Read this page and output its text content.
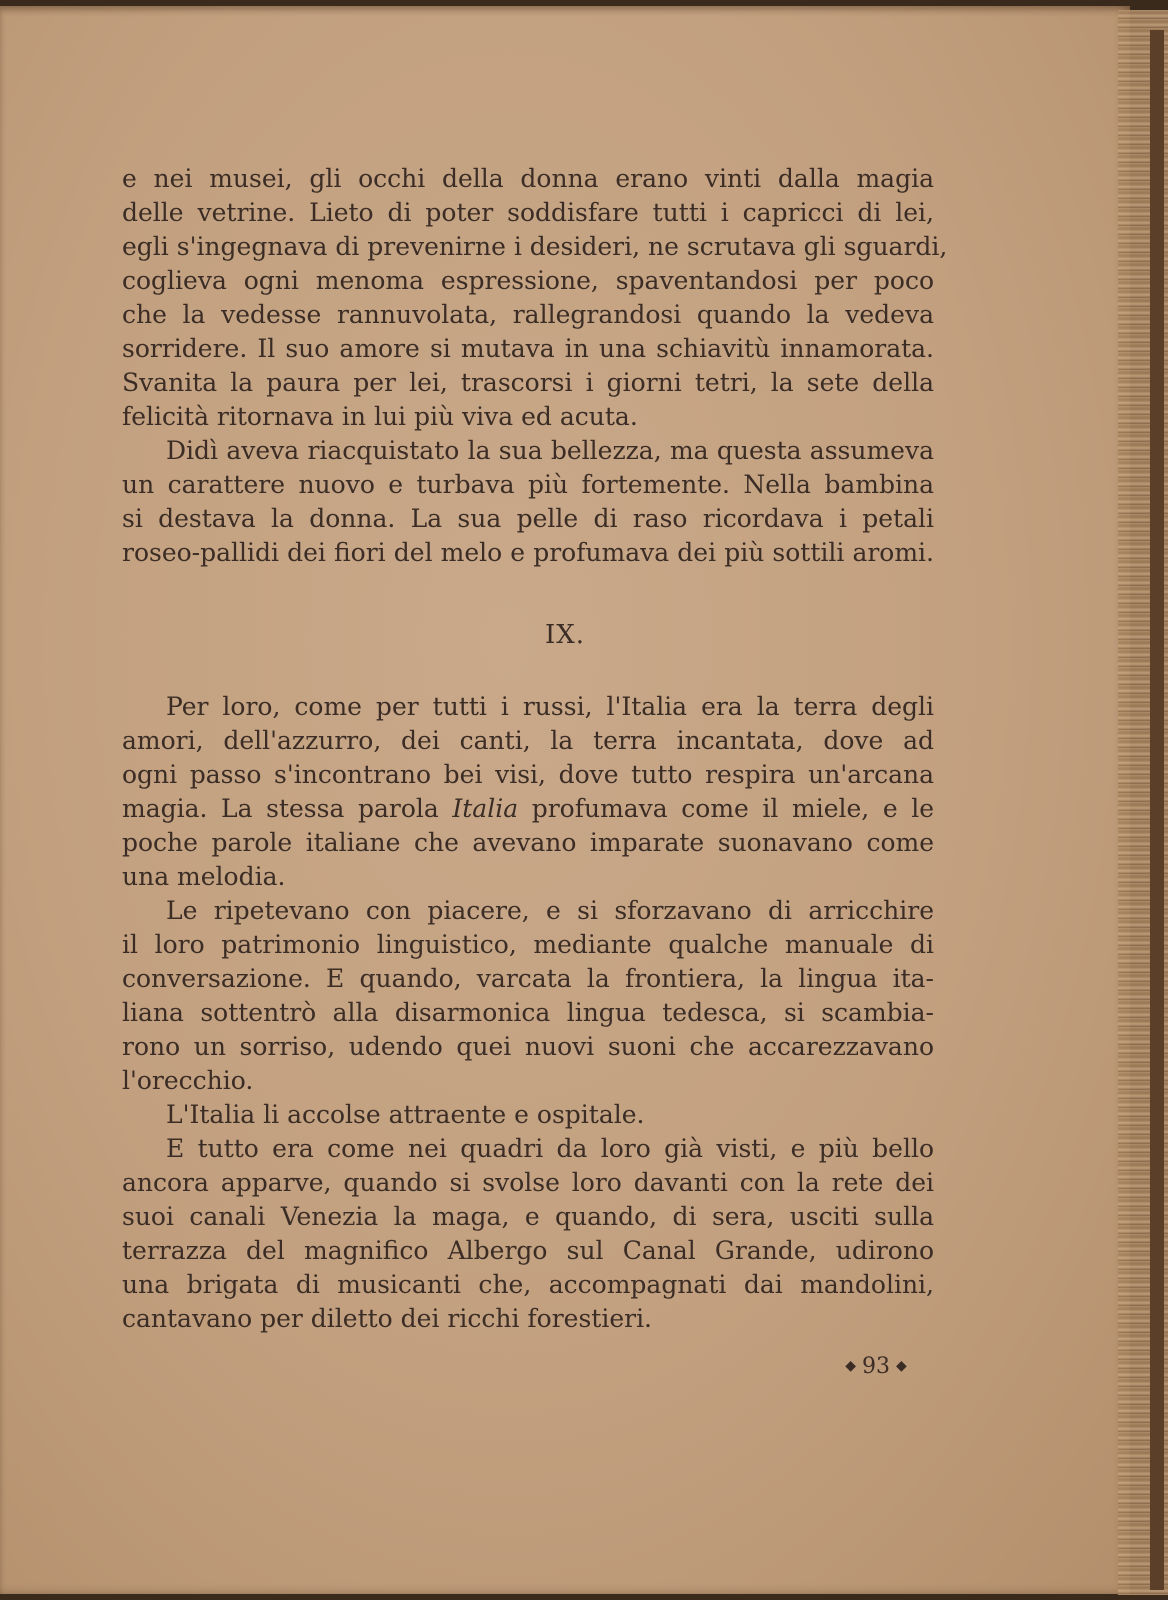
e nei musei, gli occhi della donna erano vinti dalla magia
delle vetrine. Lieto di poter soddisfare tutti i capricci di lei,
egli s'ingegnava di prevenirne i desideri, ne scrutava gli sguardi,
coglieva ogni menoma espressione, spaventandosi per poco
che la vedesse rannuvolata, rallegrandosi quando la vedeva
sorridere. Il suo amore si mutava in una schiavitù innamorata.
Svanita la paura per lei, trascorsi i giorni tetri, la sete della
felicità ritornava in lui più viva ed acuta.
Didì aveva riacquistato la sua bellezza, ma questa assumeva
un carattere nuovo e turbava più fortemente. Nella bambina
si destava la donna. La sua pelle di raso ricordava i petali
roseo-pallidi dei fiori del melo e profumava dei più sottili aromi.
IX.
Per loro, come per tutti i russi, l'Italia era la terra degli
amori, dell'azzurro, dei canti, la terra incantata, dove ad
ogni passo s'incontrano bei visi, dove tutto respira un'arcana
magia. La stessa parola Italia profumava come il miele, e le
poche parole italiane che avevano imparate suonavano come
una melodia.
Le ripetevano con piacere, e si sforzavano di arricchire
il loro patrimonio linguistico, mediante qualche manuale di
conversazione. E quando, varcata la frontiera, la lingua ita-
liana sottentrò alla disarmonica lingua tedesca, si scambia-
rono un sorriso, udendo quei nuovi suoni che accarezzavano
l'orecchio.
L'Italia li accolse attraente e ospitale.
E tutto era come nei quadri da loro già visti, e più bello
ancora apparve, quando si svolse loro davanti con la rete dei
suoi canali Venezia la maga, e quando, di sera, usciti sulla
terrazza del magnifico Albergo sul Canal Grande, udirono
una brigata di musicanti che, accompagnati dai mandolini,
cantavano per diletto dei ricchi forestieri.
◆ 93 ◆
